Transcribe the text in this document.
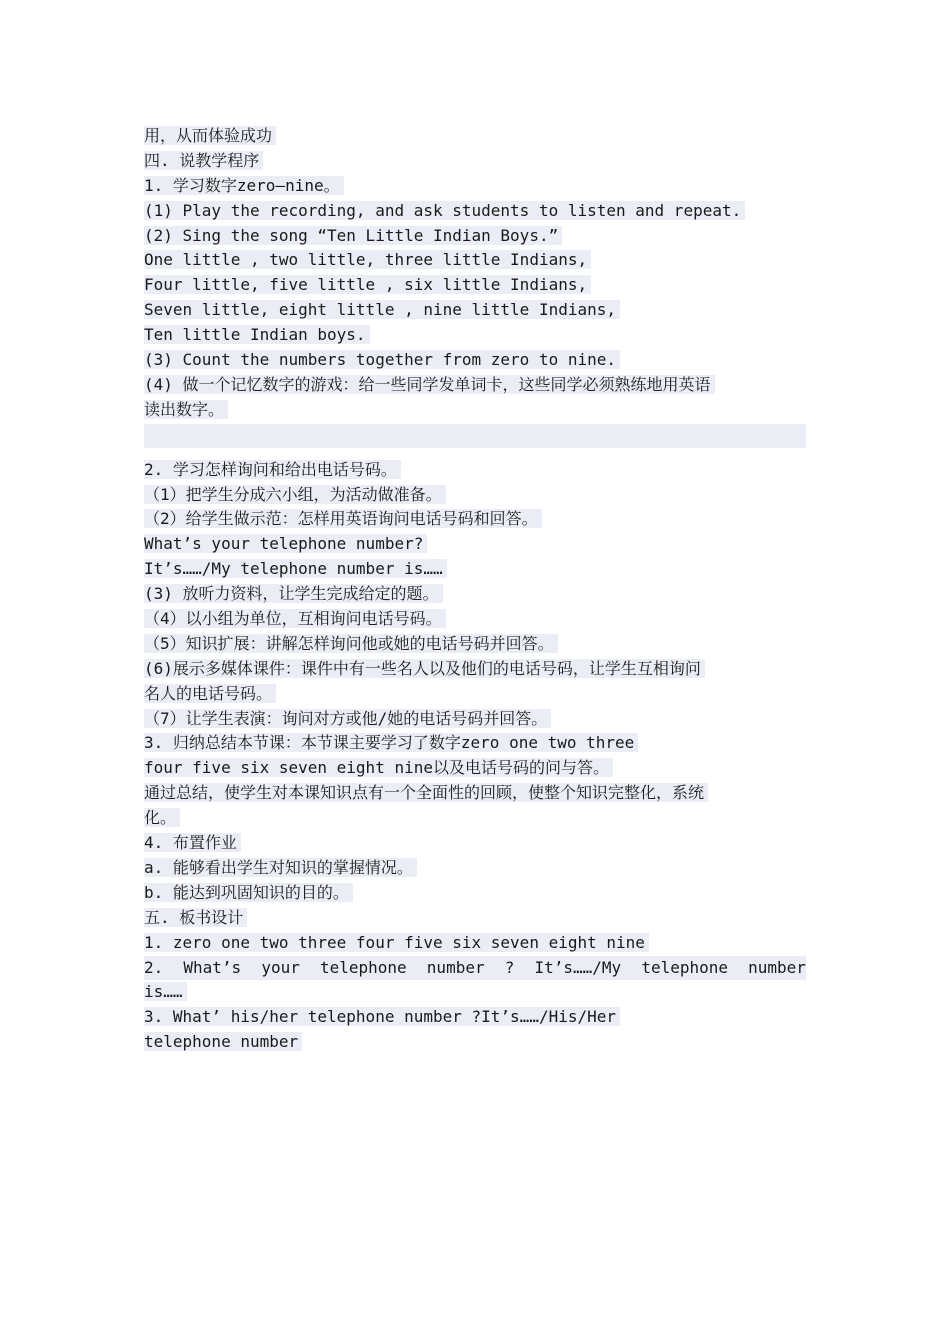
用，从而体验成功
四. 说教学程序
1. 学习数字zero—nine。
(1) Play the recording, and ask students to listen and repeat.
(2) Sing the song “Ten Little Indian Boys.”
One little , two little, three little Indians,
Four little, five little , six little Indians,
Seven little, eight little , nine little Indians,
Ten little Indian boys.
(3) Count the numbers together from zero to nine.
(4) 做一个记忆数字的游戏：给一些同学发单词卡，这些同学必须熟练地用英语
读出数字。
2. 学习怎样询问和给出电话号码。
（1）把学生分成六小组，为活动做准备。
（2）给学生做示范：怎样用英语询问电话号码和回答。
What’s your telephone number?
It’s……/My telephone number is……
(3) 放听力资料，让学生完成给定的题。
（4）以小组为单位，互相询问电话号码。
（5）知识扩展：讲解怎样询问他或她的电话号码并回答。
(6)展示多媒体课件：课件中有一些名人以及他们的电话号码，让学生互相询问
名人的电话号码。
（7）让学生表演：询问对方或他/她的电话号码并回答。
3. 归纳总结本节课：本节课主要学习了数字zero one two three
four five six seven eight nine以及电话号码的问与答。
通过总结，使学生对本课知识点有一个全面性的回顾，使整个知识完整化，系统
化。
4. 布置作业
a. 能够看出学生对知识的掌握情况。
b. 能达到巩固知识的目的。
五. 板书设计
1. zero one two three four five six seven eight nine
2. What’s your telephone number ? It’s……/My telephone number
is……
3. What’ his/her telephone number ?It’s……/His/Her
telephone number
